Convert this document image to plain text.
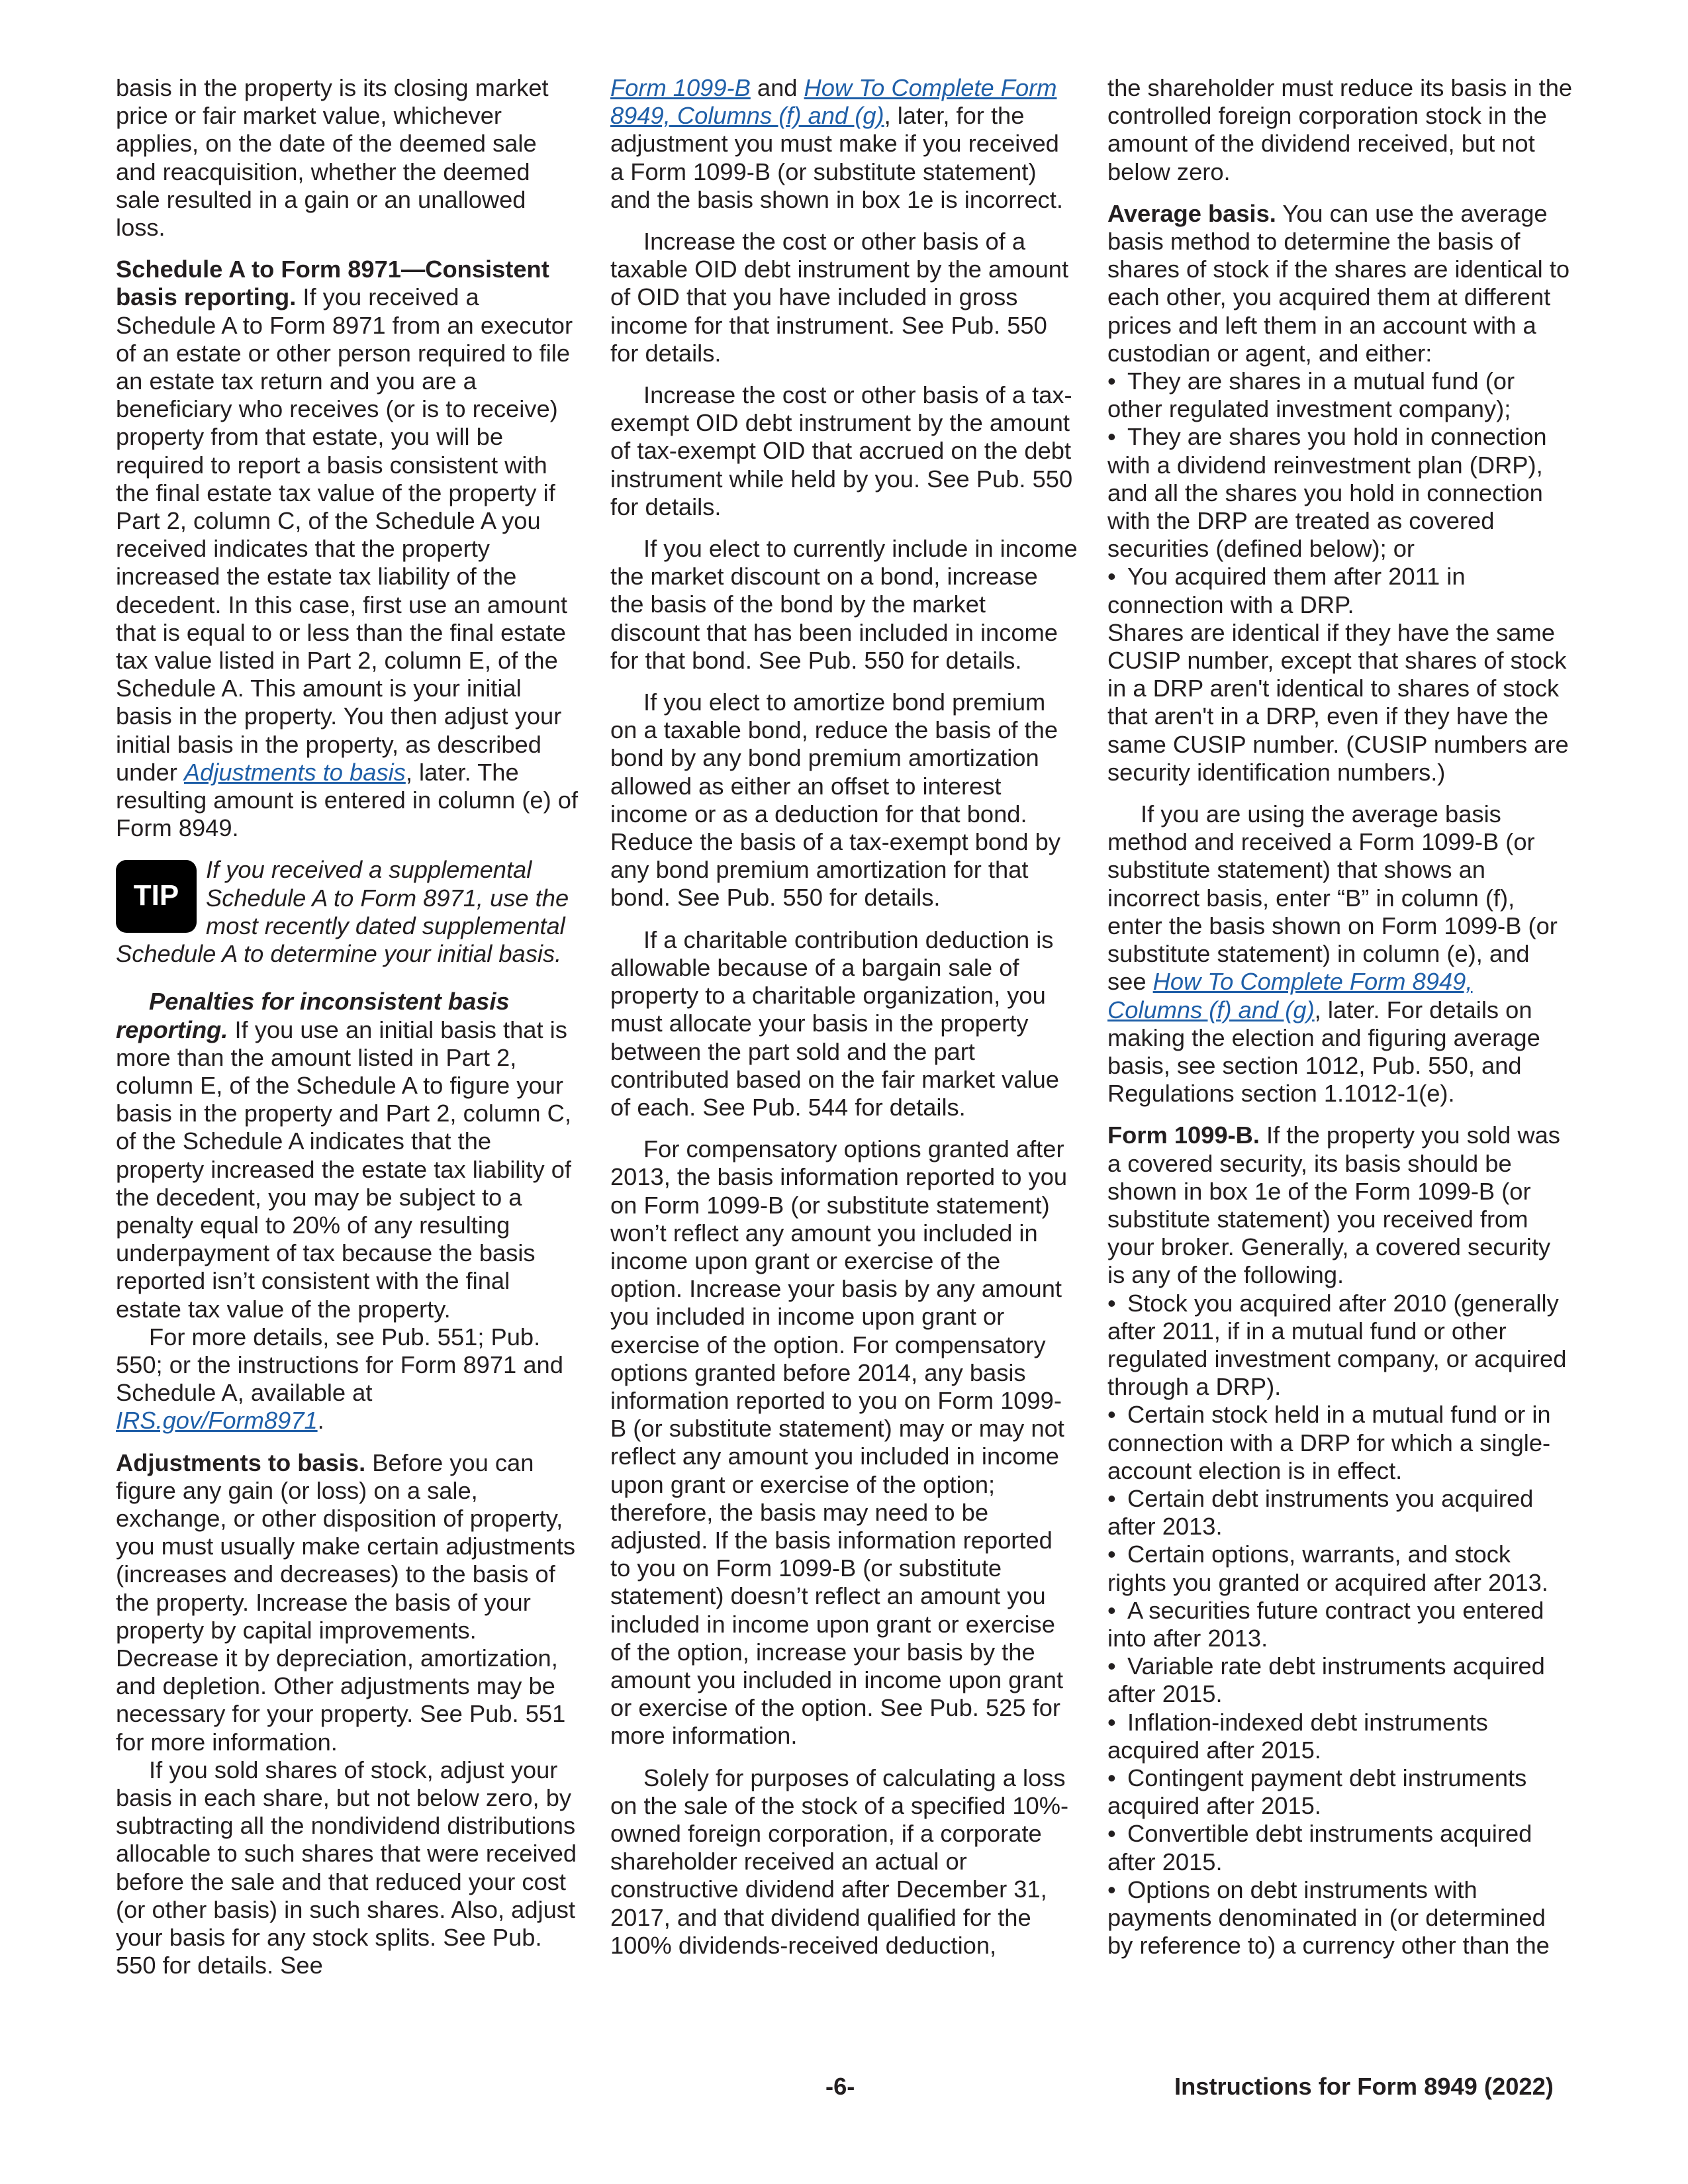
basis in the property is its closing market price or fair market value, whichever applies, on the date of the deemed sale and reacquisition, whether the deemed sale resulted in a gain or an unallowed loss.

Schedule A to Form 8971—Consistent basis reporting. If you received a Schedule A to Form 8971 from an executor of an estate or other person required to file an estate tax return and you are a beneficiary who receives (or is to receive) property from that estate, you will be required to report a basis consistent with the final estate tax value of the property if Part 2, column C, of the Schedule A you received indicates that the property increased the estate tax liability of the decedent. In this case, first use an amount that is equal to or less than the final estate tax value listed in Part 2, column E, of the Schedule A. This amount is your initial basis in the property. You then adjust your initial basis in the property, as described under Adjustments to basis, later. The resulting amount is entered in column (e) of Form 8949.

TIP
If you received a supplemental Schedule A to Form 8971, use the most recently dated supplemental Schedule A to determine your initial basis.

Penalties for inconsistent basis reporting. If you use an initial basis that is more than the amount listed in Part 2, column E, of the Schedule A to figure your basis in the property and Part 2, column C, of the Schedule A indicates that the property increased the estate tax liability of the decedent, you may be subject to a penalty equal to 20% of any resulting underpayment of tax because the basis reported isn’t consistent with the final estate tax value of the property.

For more details, see Pub. 551; Pub. 550; or the instructions for Form 8971 and Schedule A, available at IRS.gov/Form8971.

Adjustments to basis. Before you can figure any gain (or loss) on a sale, exchange, or other disposition of property, you must usually make certain adjustments (increases and decreases) to the basis of the property. Increase the basis of your property by capital improvements. Decrease it by depreciation, amortization, and depletion. Other adjustments may be necessary for your property. See Pub. 551 for more information.

If you sold shares of stock, adjust your basis in each share, but not below zero, by subtracting all the nondividend distributions allocable to such shares that were received before the sale and that reduced your cost (or other basis) in such shares. Also, adjust your basis for any stock splits. See Pub. 550 for details. See

Form 1099-B and How To Complete Form 8949, Columns (f) and (g), later, for the adjustment you must make if you received a Form 1099-B (or substitute statement) and the basis shown in box 1e is incorrect.

Increase the cost or other basis of a taxable OID debt instrument by the amount of OID that you have included in gross income for that instrument. See Pub. 550 for details.

Increase the cost or other basis of a tax-exempt OID debt instrument by the amount of tax-exempt OID that accrued on the debt instrument while held by you. See Pub. 550 for details.

If you elect to currently include in income the market discount on a bond, increase the basis of the bond by the market discount that has been included in income for that bond. See Pub. 550 for details.

If you elect to amortize bond premium on a taxable bond, reduce the basis of the bond by any bond premium amortization allowed as either an offset to interest income or as a deduction for that bond. Reduce the basis of a tax-exempt bond by any bond premium amortization for that bond. See Pub. 550 for details.

If a charitable contribution deduction is allowable because of a bargain sale of property to a charitable organization, you must allocate your basis in the property between the part sold and the part contributed based on the fair market value of each. See Pub. 544 for details.

For compensatory options granted after 2013, the basis information reported to you on Form 1099-B (or substitute statement) won’t reflect any amount you included in income upon grant or exercise of the option. Increase your basis by any amount you included in income upon grant or exercise of the option. For compensatory options granted before 2014, any basis information reported to you on Form 1099-B (or substitute statement) may or may not reflect any amount you included in income upon grant or exercise of the option; therefore, the basis may need to be adjusted. If the basis information reported to you on Form 1099-B (or substitute statement) doesn’t reflect an amount you included in income upon grant or exercise of the option, increase your basis by the amount you included in income upon grant or exercise of the option. See Pub. 525 for more information.

Solely for purposes of calculating a loss on the sale of the stock of a specified 10%-owned foreign corporation, if a corporate shareholder received an actual or constructive dividend after December 31, 2017, and that dividend qualified for the 100% dividends-received deduction,

the shareholder must reduce its basis in the controlled foreign corporation stock in the amount of the dividend received, but not below zero.

Average basis. You can use the average basis method to determine the basis of shares of stock if the shares are identical to each other, you acquired them at different prices and left them in an account with a custodian or agent, and either:

• They are shares in a mutual fund (or other regulated investment company);
• They are shares you hold in connection with a dividend reinvestment plan (DRP), and all the shares you hold in connection with the DRP are treated as covered securities (defined below); or
• You acquired them after 2011 in connection with a DRP.

Shares are identical if they have the same CUSIP number, except that shares of stock in a DRP aren't identical to shares of stock that aren't in a DRP, even if they have the same CUSIP number. (CUSIP numbers are security identification numbers.)

If you are using the average basis method and received a Form 1099-B (or substitute statement) that shows an incorrect basis, enter “B” in column (f), enter the basis shown on Form 1099-B (or substitute statement) in column (e), and see How To Complete Form 8949, Columns (f) and (g), later. For details on making the election and figuring average basis, see section 1012, Pub. 550, and Regulations section 1.1012-1(e).

Form 1099-B. If the property you sold was a covered security, its basis should be shown in box 1e of the Form 1099-B (or substitute statement) you received from your broker. Generally, a covered security is any of the following.

• Stock you acquired after 2010 (generally after 2011, if in a mutual fund or other regulated investment company, or acquired through a DRP).
• Certain stock held in a mutual fund or in connection with a DRP for which a single-account election is in effect.
• Certain debt instruments you acquired after 2013.
• Certain options, warrants, and stock rights you granted or acquired after 2013.
• A securities future contract you entered into after 2013.
• Variable rate debt instruments acquired after 2015.
• Inflation-indexed debt instruments acquired after 2015.
• Contingent payment debt instruments acquired after 2015.
• Convertible debt instruments acquired after 2015.
• Options on debt instruments with payments denominated in (or determined by reference to) a currency other than the
-6-	Instructions for Form 8949 (2022)
